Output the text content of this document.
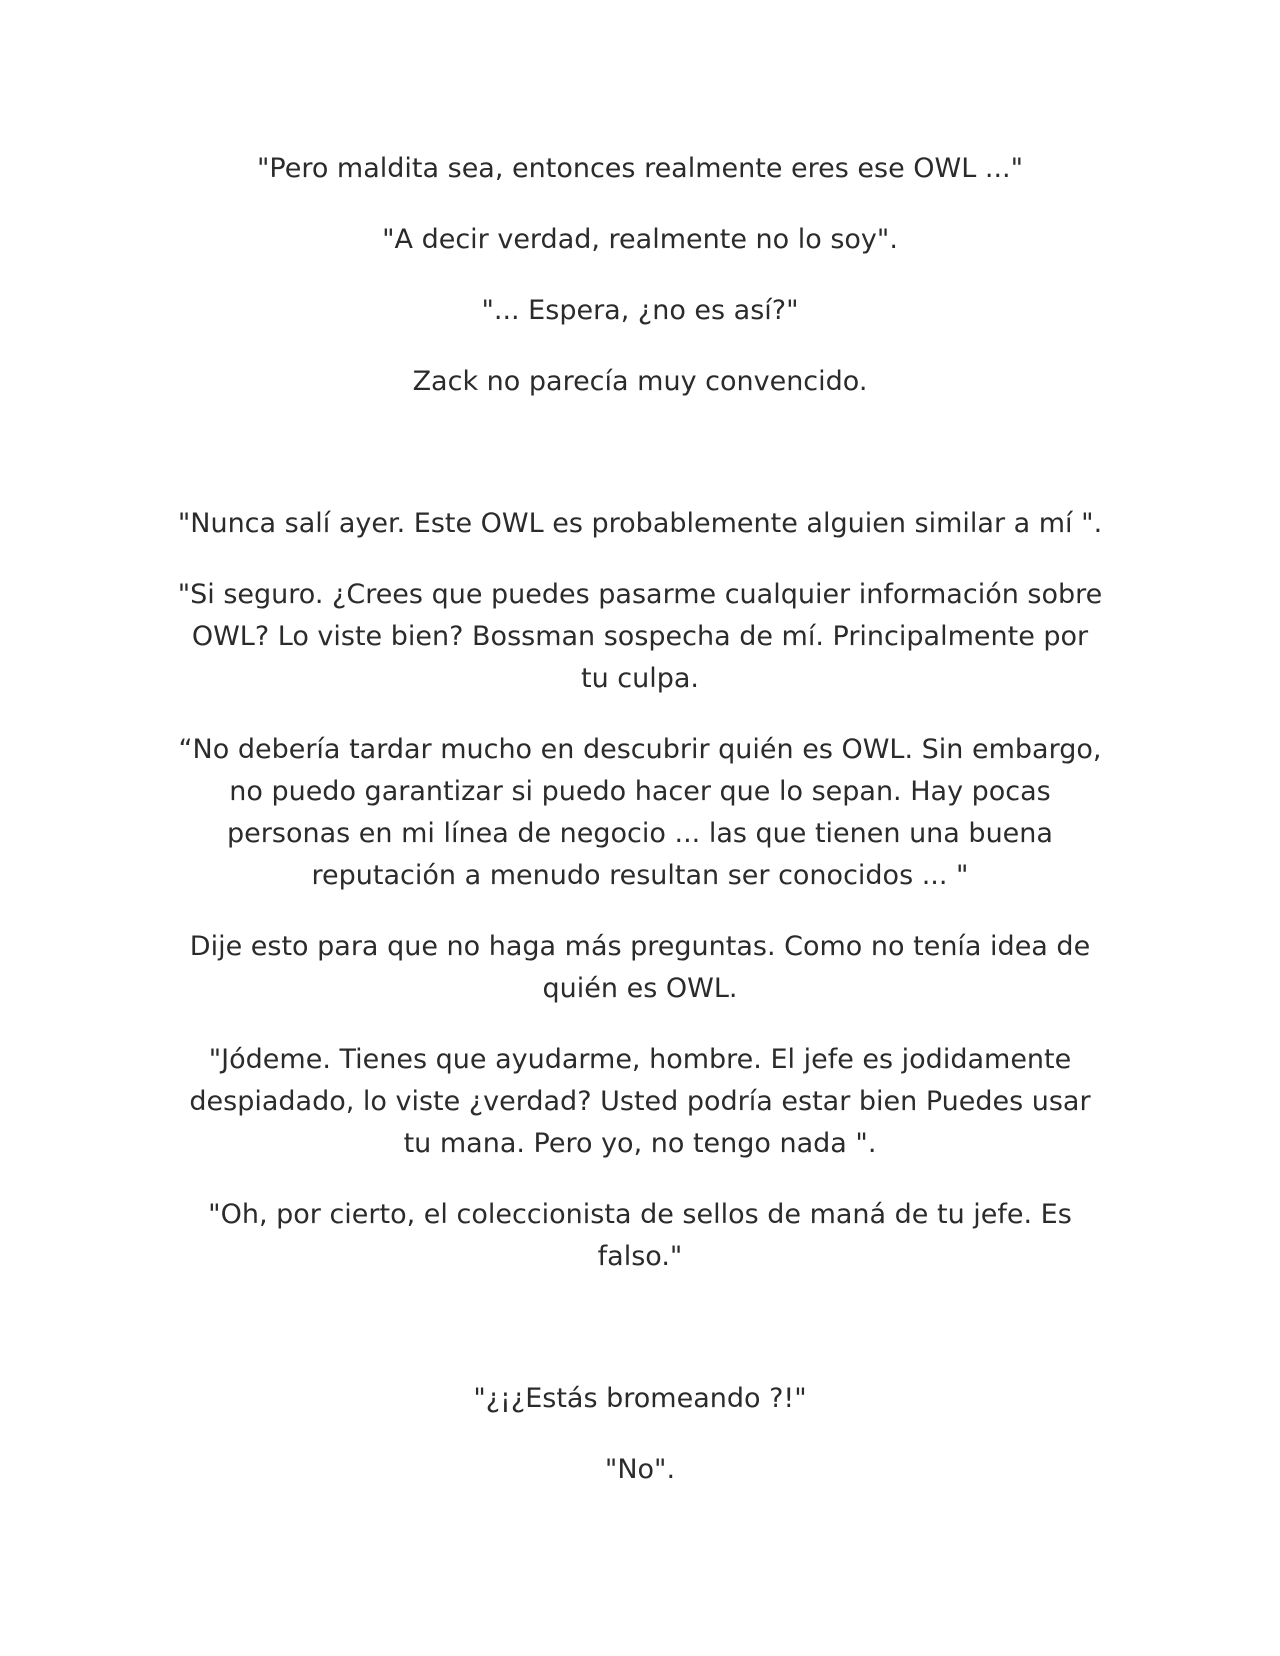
"Pero maldita sea, entonces realmente eres ese OWL ..."

"A decir verdad, realmente no lo soy".

"... Espera, ¿no es así?"

Zack no parecía muy convencido.

"Nunca salí ayer. Este OWL es probablemente alguien similar a mí ".

"Si seguro. ¿Crees que puedes pasarme cualquier información sobre OWL? Lo viste bien? Bossman sospecha de mí. Principalmente por tu culpa.

“No debería tardar mucho en descubrir quién es OWL. Sin embargo, no puedo garantizar si puedo hacer que lo sepan. Hay pocas personas en mi línea de negocio ... las que tienen una buena reputación a menudo resultan ser conocidos ... "

Dije esto para que no haga más preguntas. Como no tenía idea de quién es OWL.

"Jódeme. Tienes que ayudarme, hombre. El jefe es jodidamente despiadado, lo viste ¿verdad? Usted podría estar bien Puedes usar tu mana. Pero yo, no tengo nada ".

"Oh, por cierto, el coleccionista de sellos de maná de tu jefe. Es falso."

"¿¡¿Estás bromeando ?!"

"No".
